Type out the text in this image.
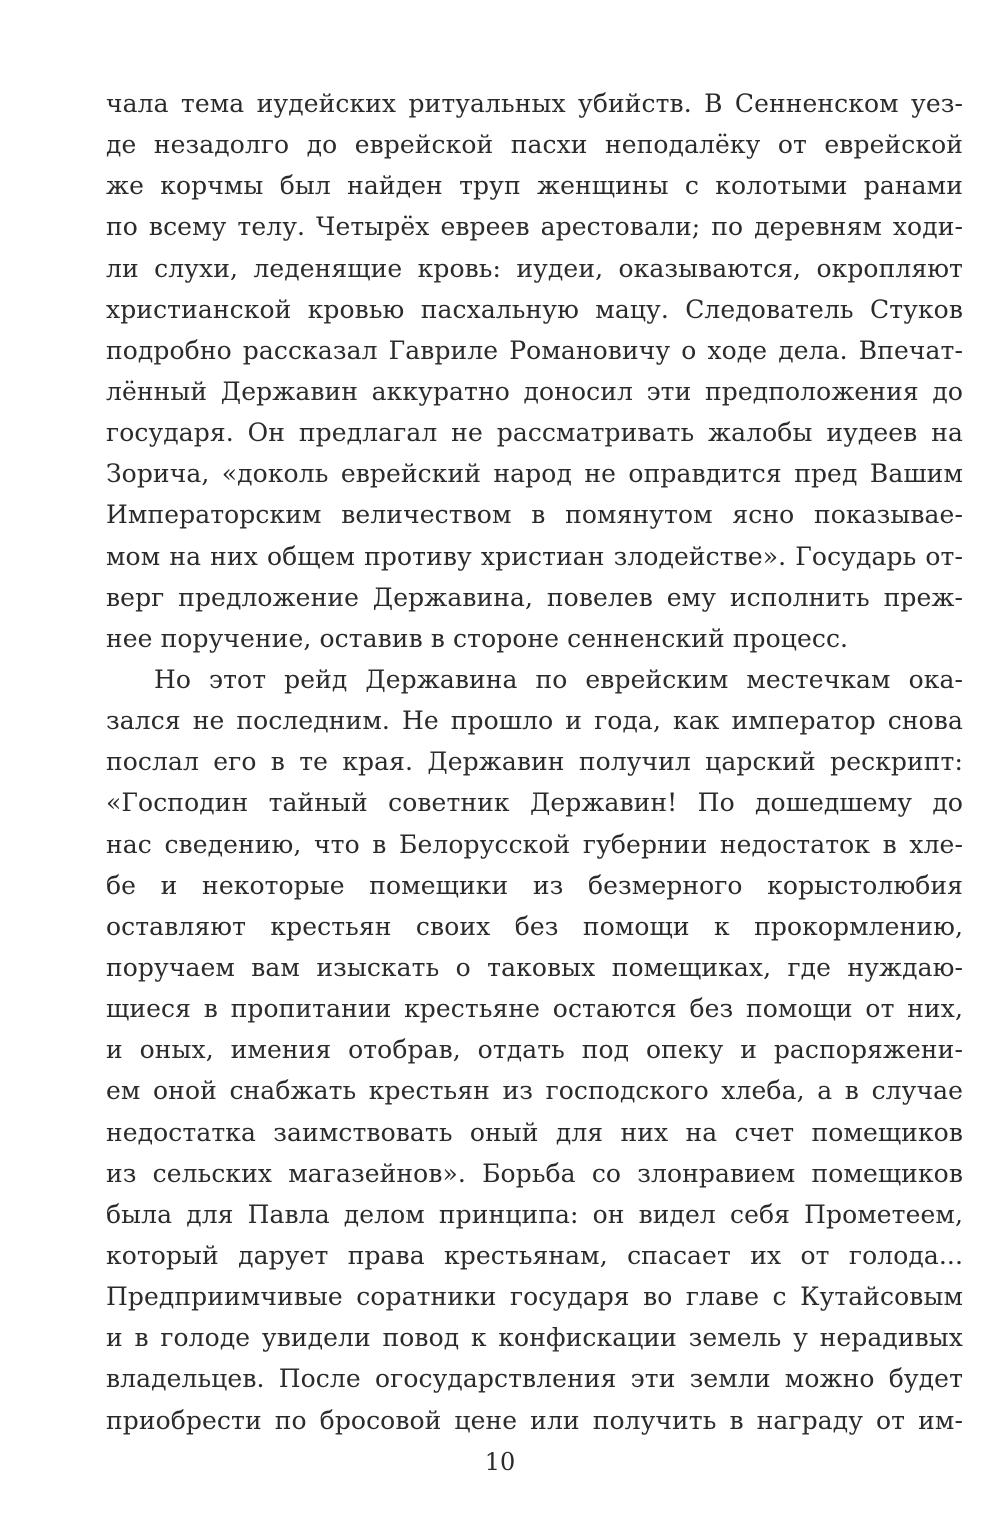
чала тема иудейских ритуальных убийств. В Сенненском уез-
де незадолго до еврейской пасхи неподалёку от еврейской
же корчмы был найден труп женщины с колотыми ранами
по всему телу. Четырёх евреев арестовали; по деревням ходи-
ли слухи, леденящие кровь: иудеи, оказываются, окропляют
христианской кровью пасхальную мацу. Следователь Стуков
подробно рассказал Гавриле Романовичу о ходе дела. Впечат-
лённый Державин аккуратно доносил эти предположения до
государя. Он предлагал не рассматривать жалобы иудеев на
Зорича, «доколь еврейский народ не оправдится пред Вашим
Императорским величеством в помянутом ясно показывае-
мом на них общем противу христиан злодействе». Государь от-
верг предложение Державина, повелев ему исполнить преж-
нее поручение, оставив в стороне сенненский процесс.
Но этот рейд Державина по еврейским местечкам ока-
зался не последним. Не прошло и года, как император снова
послал его в те края. Державин получил царский рескрипт:
«Господин тайный советник Державин! По дошедшему до
нас сведению, что в Белорусской губернии недостаток в хле-
бе и некоторые помещики из безмерного корыстолюбия
оставляют крестьян своих без помощи к прокормлению,
поручаем вам изыскать о таковых помещиках, где нуждаю-
щиеся в пропитании крестьяне остаются без помощи от них,
и оных, имения отобрав, отдать под опеку и распоряжени-
ем оной снабжать крестьян из господского хлеба, а в случае
недостатка заимствовать оный для них на счет помещиков
из сельских магазейнов». Борьба со злонравием помещиков
была для Павла делом принципа: он видел себя Прометеем,
который дарует права крестьянам, спасает их от голода...
Предприимчивые соратники государя во главе с Кутайсовым
и в голоде увидели повод к конфискации земель у нерадивых
владельцев. После огосударствления эти земли можно будет
приобрести по бросовой цене или получить в награду от им-
10
